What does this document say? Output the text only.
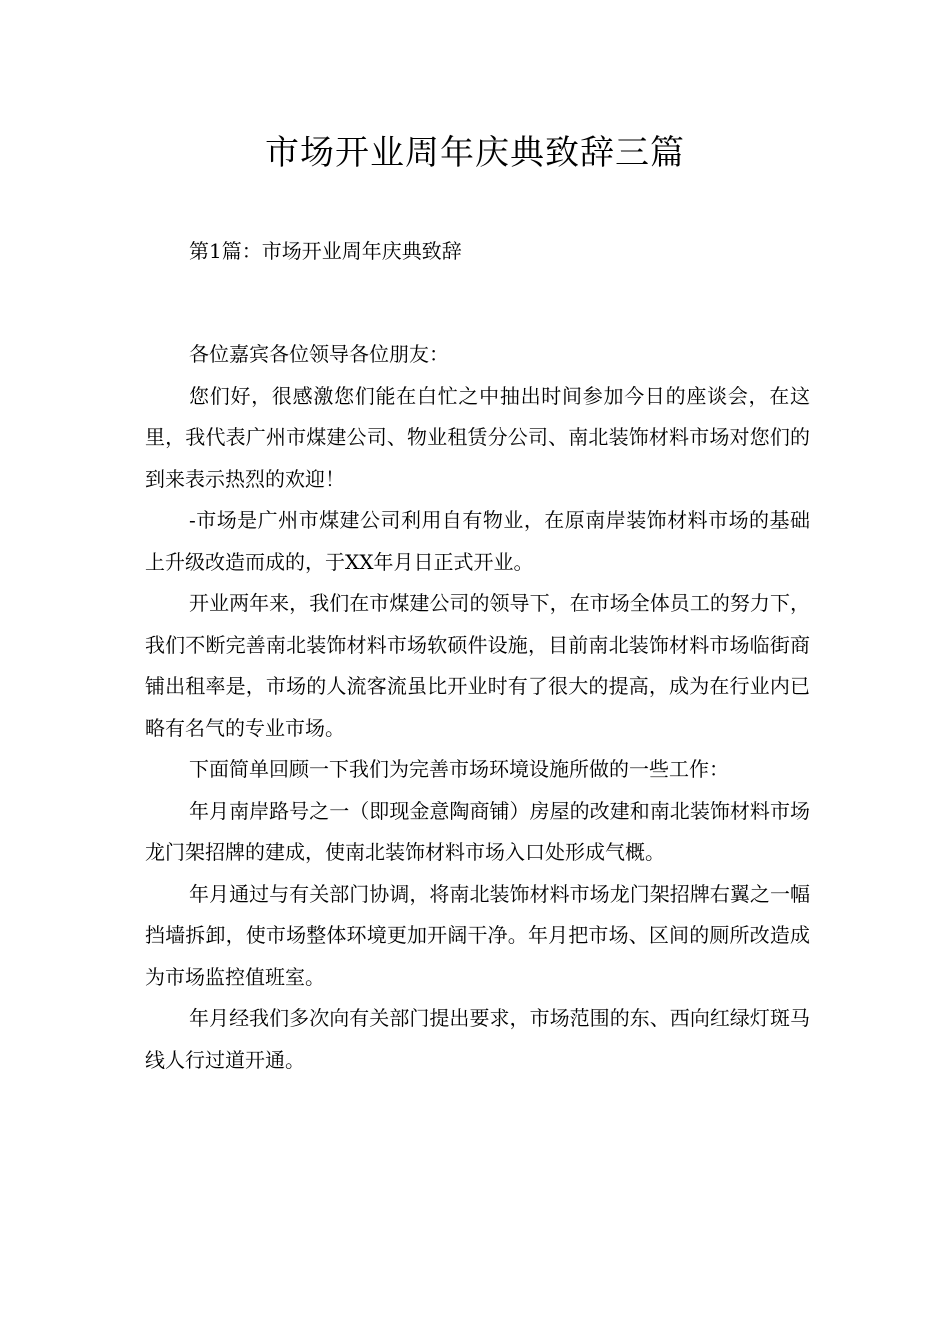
市场开业周年庆典致辞三篇
第1篇：市场开业周年庆典致辞

各位嘉宾各位领导各位朋友：

您们好，很感激您们能在白忙之中抽出时间参加今日的座谈会，在这里，我代表广州市煤建公司、物业租赁分公司、南北装饰材料市场对您们的到来表示热烈的欢迎！

-市场是广州市煤建公司利用自有物业，在原南岸装饰材料市场的基础上升级改造而成的，于XX年月日正式开业。

开业两年来，我们在市煤建公司的领导下，在市场全体员工的努力下，我们不断完善南北装饰材料市场软硕件设施，目前南北装饰材料市场临街商铺出租率是，市场的人流客流虽比开业时有了很大的提高，成为在行业内已略有名气的专业市场。

下面简单回顾一下我们为完善市场环境设施所做的一些工作：

年月南岸路号之一（即现金意陶商铺）房屋的改建和南北装饰材料市场龙门架招牌的建成，使南北装饰材料市场入口处形成气概。

年月通过与有关部门协调，将南北装饰材料市场龙门架招牌右翼之一幅挡墙拆卸，使市场整体环境更加开阔干净。年月把市场、区间的厕所改造成为市场监控值班室。

年月经我们多次向有关部门提出要求，市场范围的东、西向红绿灯斑马线人行过道开通。
